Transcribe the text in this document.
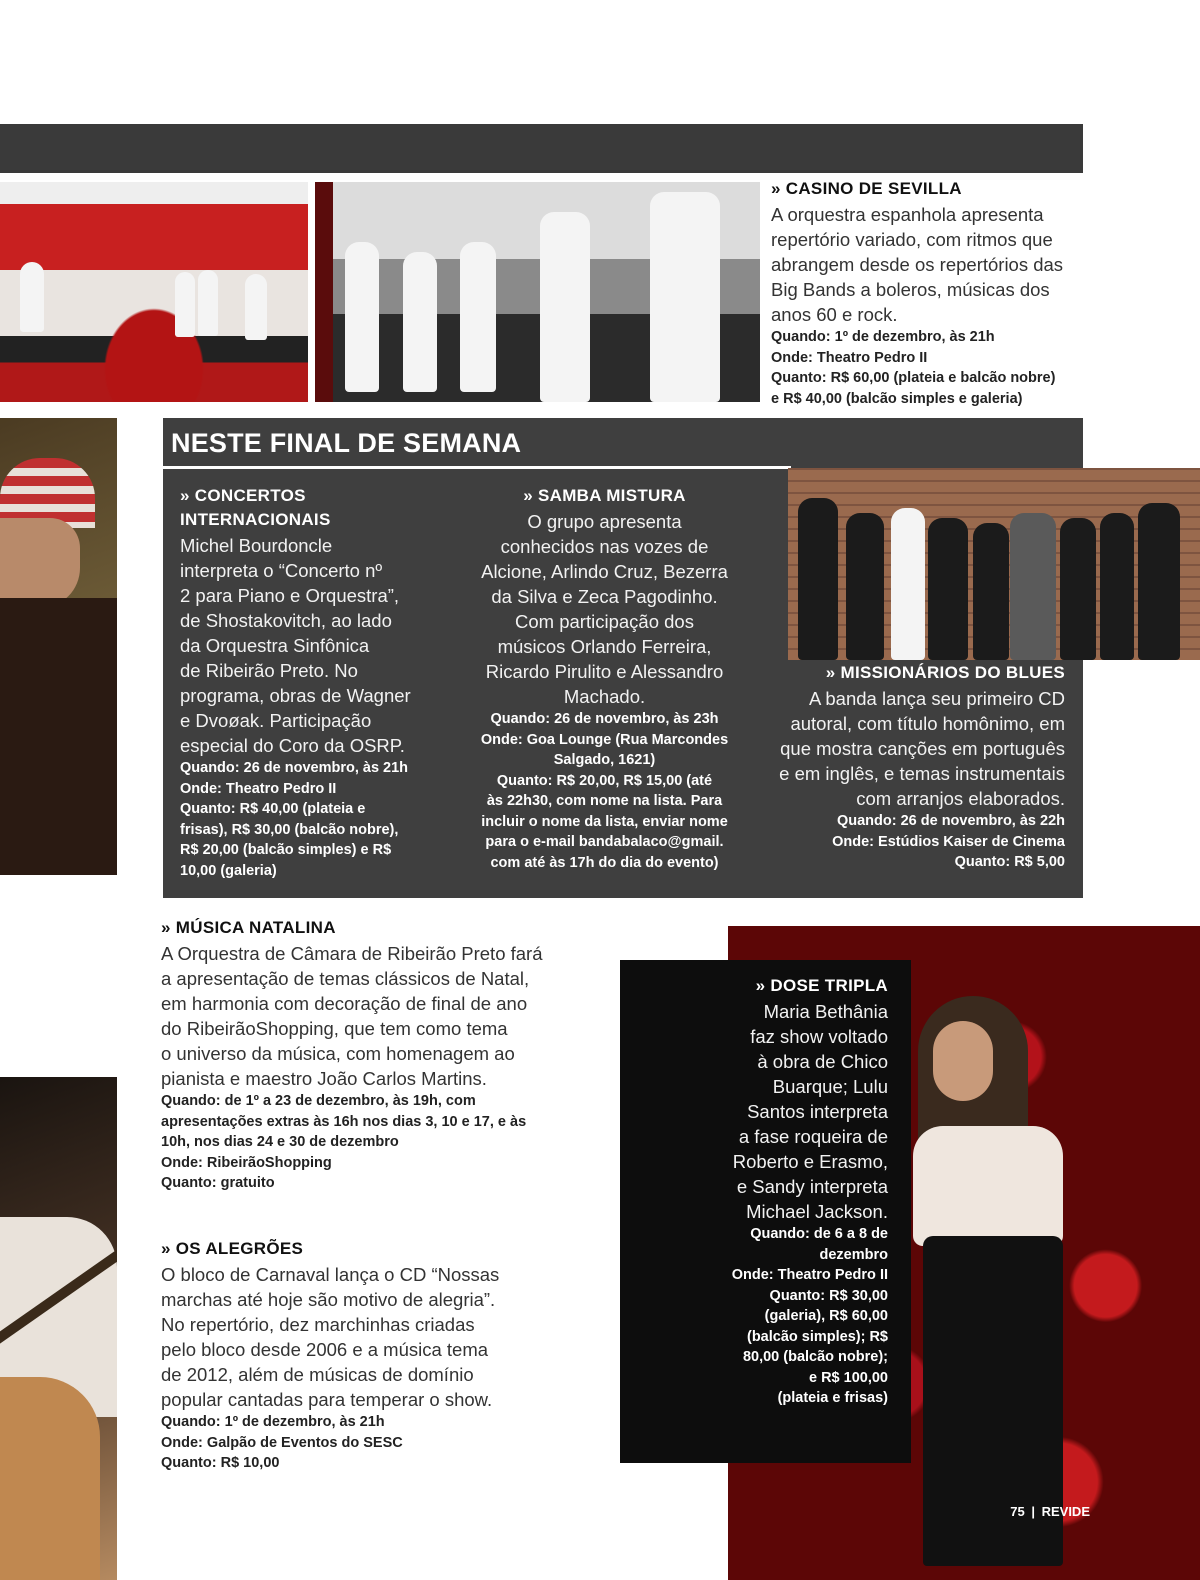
» CASINO DE SEVILLA
A orquestra espanhola apresenta
repertório variado, com ritmos que
abrangem desde os repertórios das
Big Bands a boleros, músicas dos
anos 60 e rock.
Quando: 1º de dezembro, às 21h
Onde: Theatro Pedro II
Quanto: R$ 60,00 (plateia e balcão nobre)
e R$ 40,00 (balcão simples e galeria)
NESTE FINAL DE SEMANA
» CONCERTOS
INTERNACIONAIS
Michel Bourdoncle
interpreta o “Concerto nº
2 para Piano e Orquestra”,
de Shostakovitch, ao lado
da Orquestra Sinfônica
de Ribeirão Preto. No
programa, obras de Wagner
e Dvoøak. Participação
especial do Coro da OSRP.
Quando: 26 de novembro, às 21h
Onde: Theatro Pedro II
Quanto: R$ 40,00 (plateia e
frisas), R$ 30,00 (balcão nobre),
R$ 20,00 (balcão simples) e R$
10,00 (galeria)
» SAMBA MISTURA
O grupo apresenta
conhecidos nas vozes de
Alcione, Arlindo Cruz, Bezerra
da Silva e Zeca Pagodinho.
Com participação dos
músicos Orlando Ferreira,
Ricardo Pirulito e Alessandro
Machado.
Quando: 26 de novembro, às 23h
Onde: Goa Lounge (Rua Marcondes
Salgado, 1621)
Quanto: R$ 20,00, R$ 15,00 (até
às 22h30, com nome na lista. Para
incluir o nome da lista, enviar nome
para o e-mail bandabalaco@gmail.
com até às 17h do dia do evento)
» MISSIONÁRIOS DO BLUES
A banda lança seu primeiro CD
autoral, com título homônimo, em
que mostra canções em português
e em inglês, e temas instrumentais
com arranjos elaborados.
Quando: 26 de novembro, às 22h
Onde: Estúdios Kaiser de Cinema
Quanto: R$ 5,00
» MÚSICA NATALINA
A Orquestra de Câmara de Ribeirão Preto fará
a apresentação de temas clássicos de Natal,
em harmonia com decoração de final de ano
do RibeirãoShopping, que tem como tema
o universo da música, com homenagem ao
pianista e maestro João Carlos Martins.
Quando: de 1º a 23 de dezembro, às 19h, com
apresentações extras às 16h nos dias 3, 10 e 17, e às
10h, nos dias 24 e 30 de dezembro
Onde: RibeirãoShopping
Quanto: gratuito
» OS ALEGRÕES
O bloco de Carnaval lança o CD “Nossas
marchas até hoje são motivo de alegria”.
No repertório, dez marchinhas criadas
pelo bloco desde 2006 e a música tema
de 2012, além de músicas de domínio
popular cantadas para temperar o show.
Quando: 1º de dezembro, às 21h
Onde: Galpão de Eventos do SESC
Quanto: R$ 10,00
» DOSE TRIPLA
Maria Bethânia
faz show voltado
à obra de Chico
Buarque; Lulu
Santos interpreta
a fase roqueira de
Roberto e Erasmo,
e Sandy interpreta
Michael Jackson.
Quando: de 6 a 8 de
dezembro
Onde: Theatro Pedro II
Quanto: R$ 30,00
(galeria), R$ 60,00
(balcão simples); R$
80,00 (balcão nobre);
e R$ 100,00
(plateia e frisas)
75 | REVIDE
